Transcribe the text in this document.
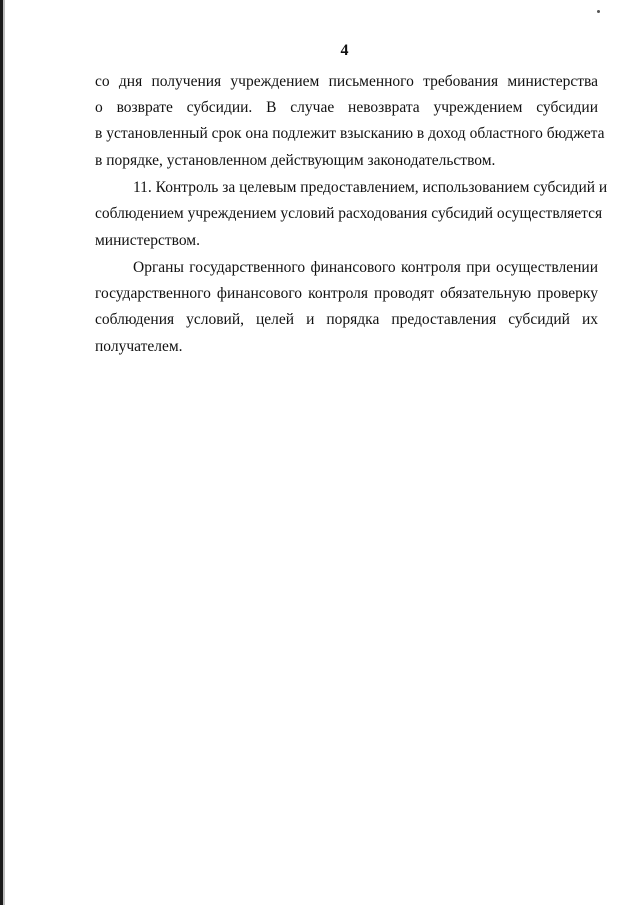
4
со дня получения учреждением письменного требования министерства
о возврате субсидии. В случае невозврата учреждением субсидии
в установленный срок она подлежит взысканию в доход областного бюджета
в порядке, установленном действующим законодательством.
11. Контроль за целевым предоставлением, использованием субсидий и
соблюдением учреждением условий расходования субсидий осуществляется
министерством.
Органы государственного финансового контроля при осуществлении
государственного финансового контроля проводят обязательную проверку
соблюдения условий, целей и порядка предоставления субсидий их
получателем.
